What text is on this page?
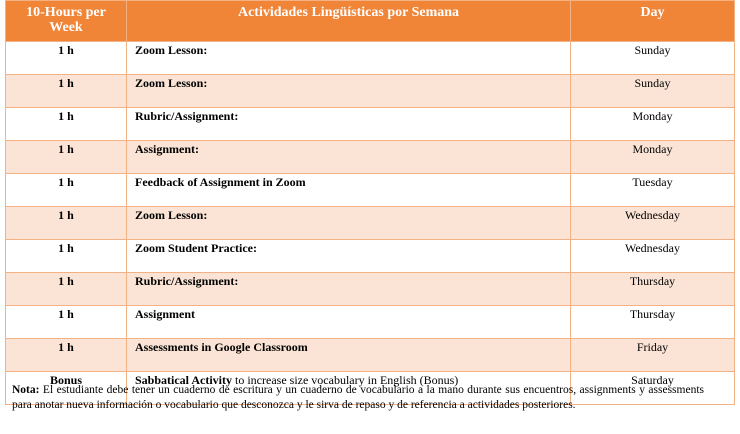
10-Hours per Week	Actividades Lingüísticas por Semana	Day
1 h	Zoom Lesson:	Sunday
1 h	Zoom Lesson:	Sunday
1 h	Rubric/Assignment:	Monday
1 h	Assignment:	Monday
1 h	Feedback of Assignment in Zoom	Tuesday
1 h	Zoom Lesson:	Wednesday
1 h	Zoom Student Practice:	Wednesday
1 h	Rubric/Assignment:	Thursday
1 h	Assignment	Thursday
1 h	Assessments in Google Classroom	Friday
Bonus	Sabbatical Activity to increase size vocabulary in English (Bonus)	Saturday
Nota: El estudiante debe tener un cuaderno de escritura y un cuaderno de vocabulario a la mano durante sus encuentros, assignments y assessments para anotar nueva información o vocabulario que desconozca y le sirva de repaso y de referencia a actividades posteriores.
